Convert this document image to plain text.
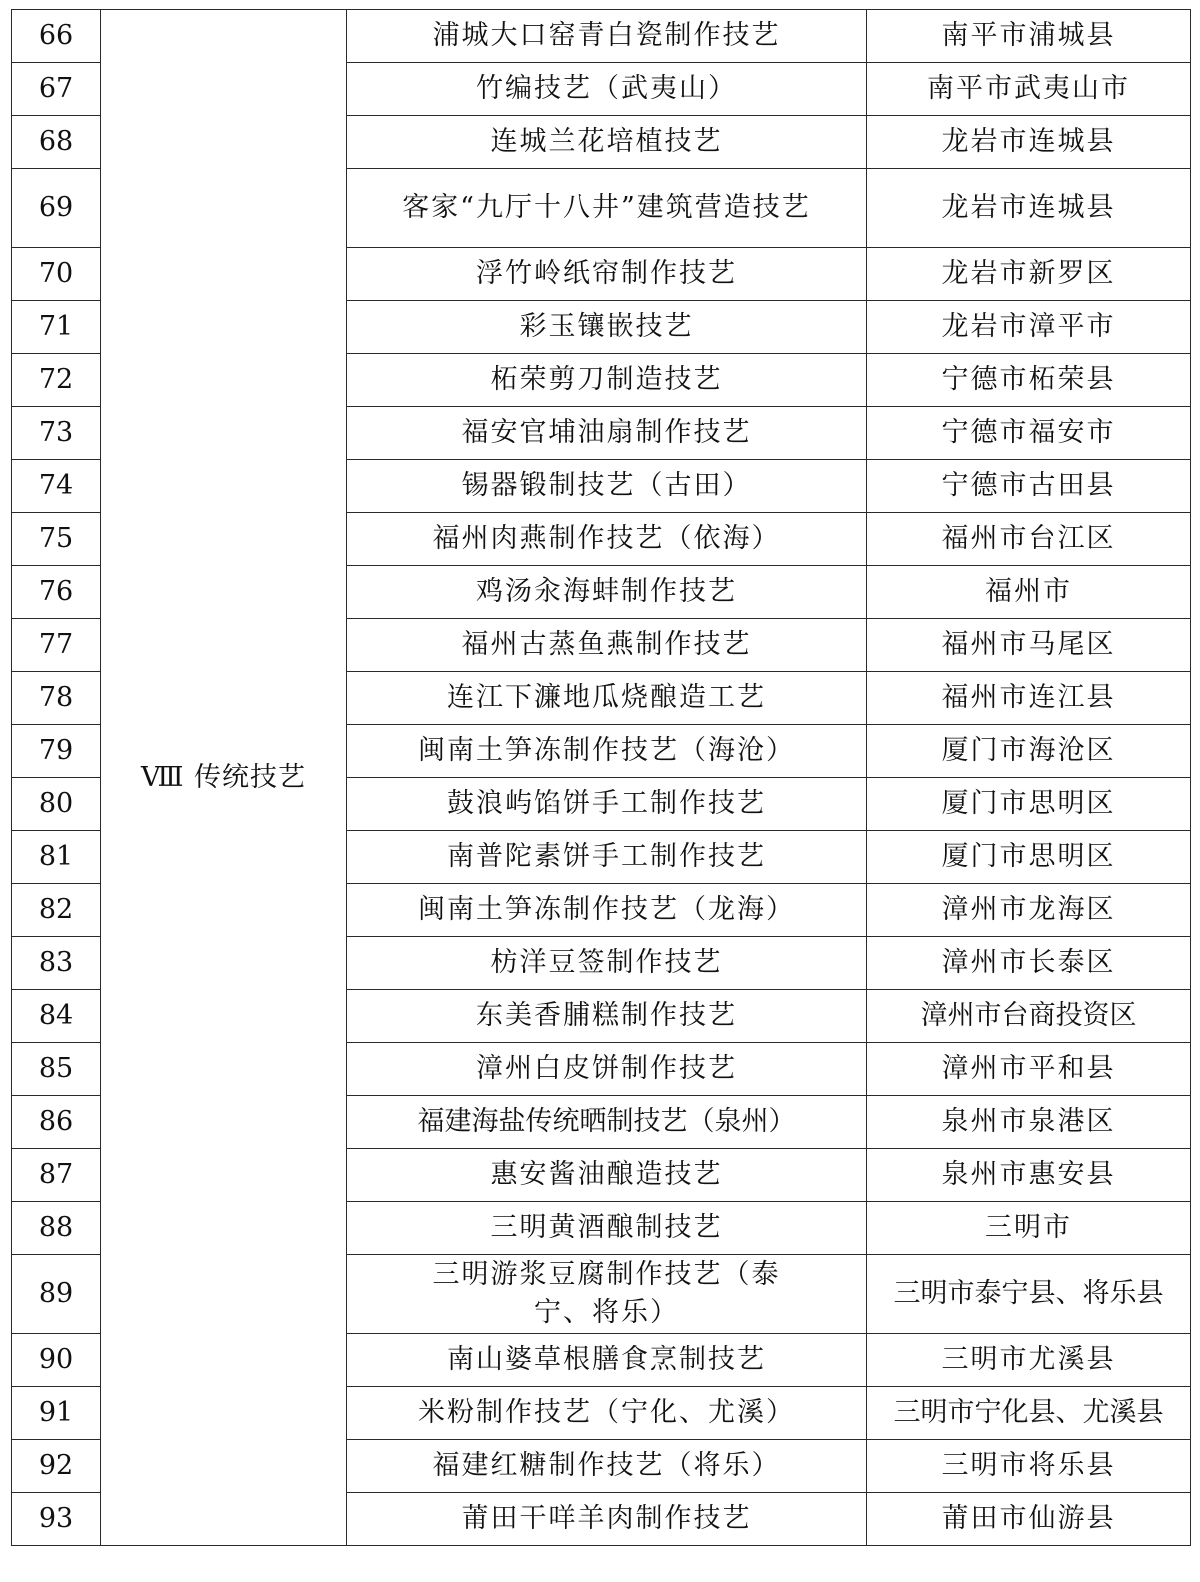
66	Ⅷ 传统技艺	浦城大口窑青白瓷制作技艺	南平市浦城县
67		竹编技艺（武夷山）	南平市武夷山市
68		连城兰花培植技艺	龙岩市连城县
69		客家“九厅十八井”建筑营造技艺	龙岩市连城县
70		浮竹岭纸帘制作技艺	龙岩市新罗区
71		彩玉镶嵌技艺	龙岩市漳平市
72		柘荣剪刀制造技艺	宁德市柘荣县
73		福安官埔油扇制作技艺	宁德市福安市
74		锡器锻制技艺（古田）	宁德市古田县
75		福州肉燕制作技艺（依海）	福州市台江区
76		鸡汤汆海蚌制作技艺	福州市
77		福州古蒸鱼燕制作技艺	福州市马尾区
78		连江下濂地瓜烧酿造工艺	福州市连江县
79		闽南土笋冻制作技艺（海沧）	厦门市海沧区
80		鼓浪屿馅饼手工制作技艺	厦门市思明区
81		南普陀素饼手工制作技艺	厦门市思明区
82		闽南土笋冻制作技艺（龙海）	漳州市龙海区
83		枋洋豆签制作技艺	漳州市长泰区
84		东美香脯糕制作技艺	漳州市台商投资区
85		漳州白皮饼制作技艺	漳州市平和县
86		福建海盐传统晒制技艺（泉州）	泉州市泉港区
87		惠安酱油酿造技艺	泉州市惠安县
88		三明黄酒酿制技艺	三明市
89		三明游浆豆腐制作技艺（泰宁、将乐）	三明市泰宁县、将乐县
90		南山婆草根膳食烹制技艺	三明市尤溪县
91		米粉制作技艺（宁化、尤溪）	三明市宁化县、尤溪县
92		福建红糖制作技艺（将乐）	三明市将乐县
93		莆田干咩羊肉制作技艺	莆田市仙游县
